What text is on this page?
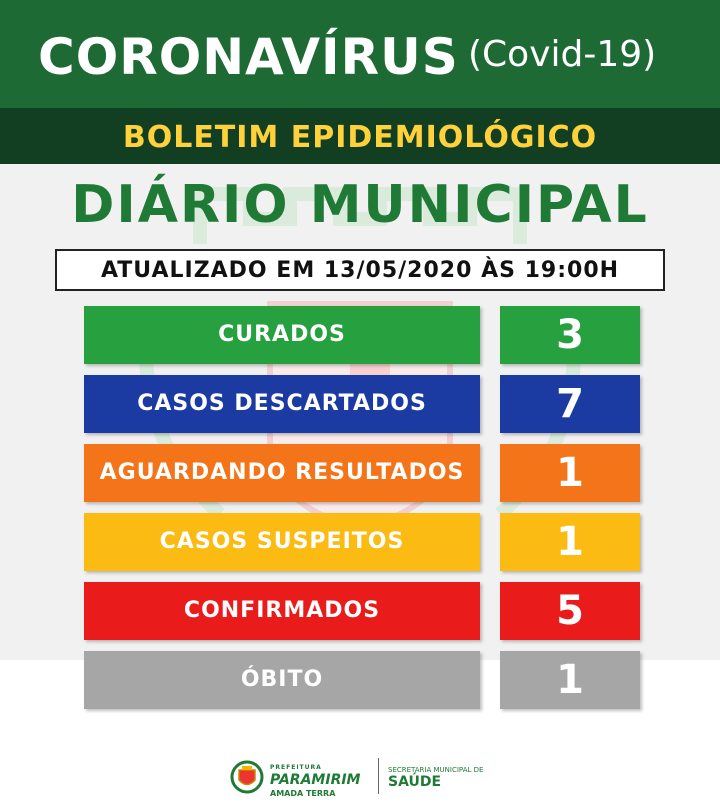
CORONAVÍRUS (Covid-19)
BOLETIM EPIDEMIOLÓGICO
DIÁRIO MUNICIPAL
ATUALIZADO EM 13/05/2020 ÀS 19:00H
CURADOS	3
CASOS DESCARTADOS	7
AGUARDANDO RESULTADOS	1
CASOS SUSPEITOS	1
CONFIRMADOS	5
ÓBITO	1
PREFEITURA
PARAMIRIM
AMADA TERRA
SECRETARIA MUNICIPAL DE
SAÚDE
